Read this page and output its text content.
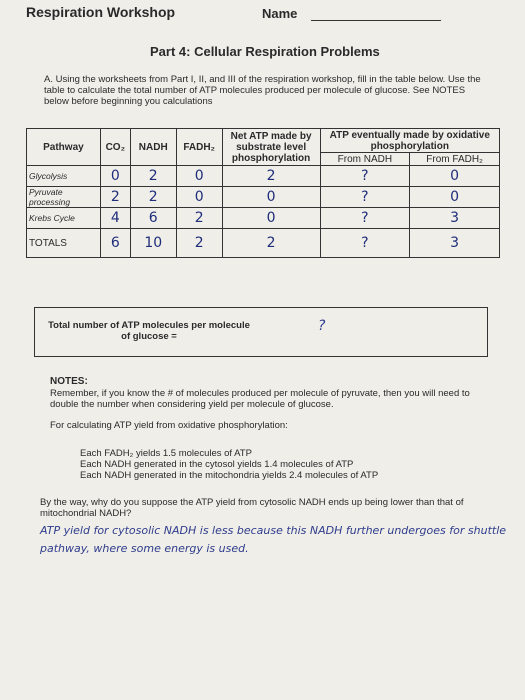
Respiration Workshop	Name
Part 4: Cellular Respiration Problems
A. Using the worksheets from Part I, II, and III of the respiration workshop, fill in the table below. Use the table to calculate the total number of ATP molecules produced per molecule of glucose. See NOTES below before beginning you calculations
Pathway	CO₂	NADH	FADH₂	Net ATP made by substrate level phosphorylation	ATP eventually made by oxidative phosphorylation	
					From NADH	From FADH₂
Glycolysis	0	2	0	2	?	0
Pyruvate processing	2	2	0	0	?	0
Krebs Cycle	4	6	2	0	?	3
TOTALS	6	10	2	2	?	3
Total number of ATP molecules per molecule of glucose =
?
NOTES:
Remember, if you know the # of molecules produced per molecule of pyruvate, then you will need to double the number when considering yield per molecule of glucose.
For calculating ATP yield from oxidative phosphorylation:
Each FADH₂ yields 1.5 molecules of ATP
Each NADH generated in the cytosol yields 1.4 molecules of ATP
Each NADH generated in the mitochondria yields 2.4 molecules of ATP
By the way, why do you suppose the ATP yield from cytosolic NADH ends up being lower than that of mitochondrial NADH?
ATP yield for cytosolic NADH is less because this NADH further undergoes for shuttle pathway, where some energy is used.
